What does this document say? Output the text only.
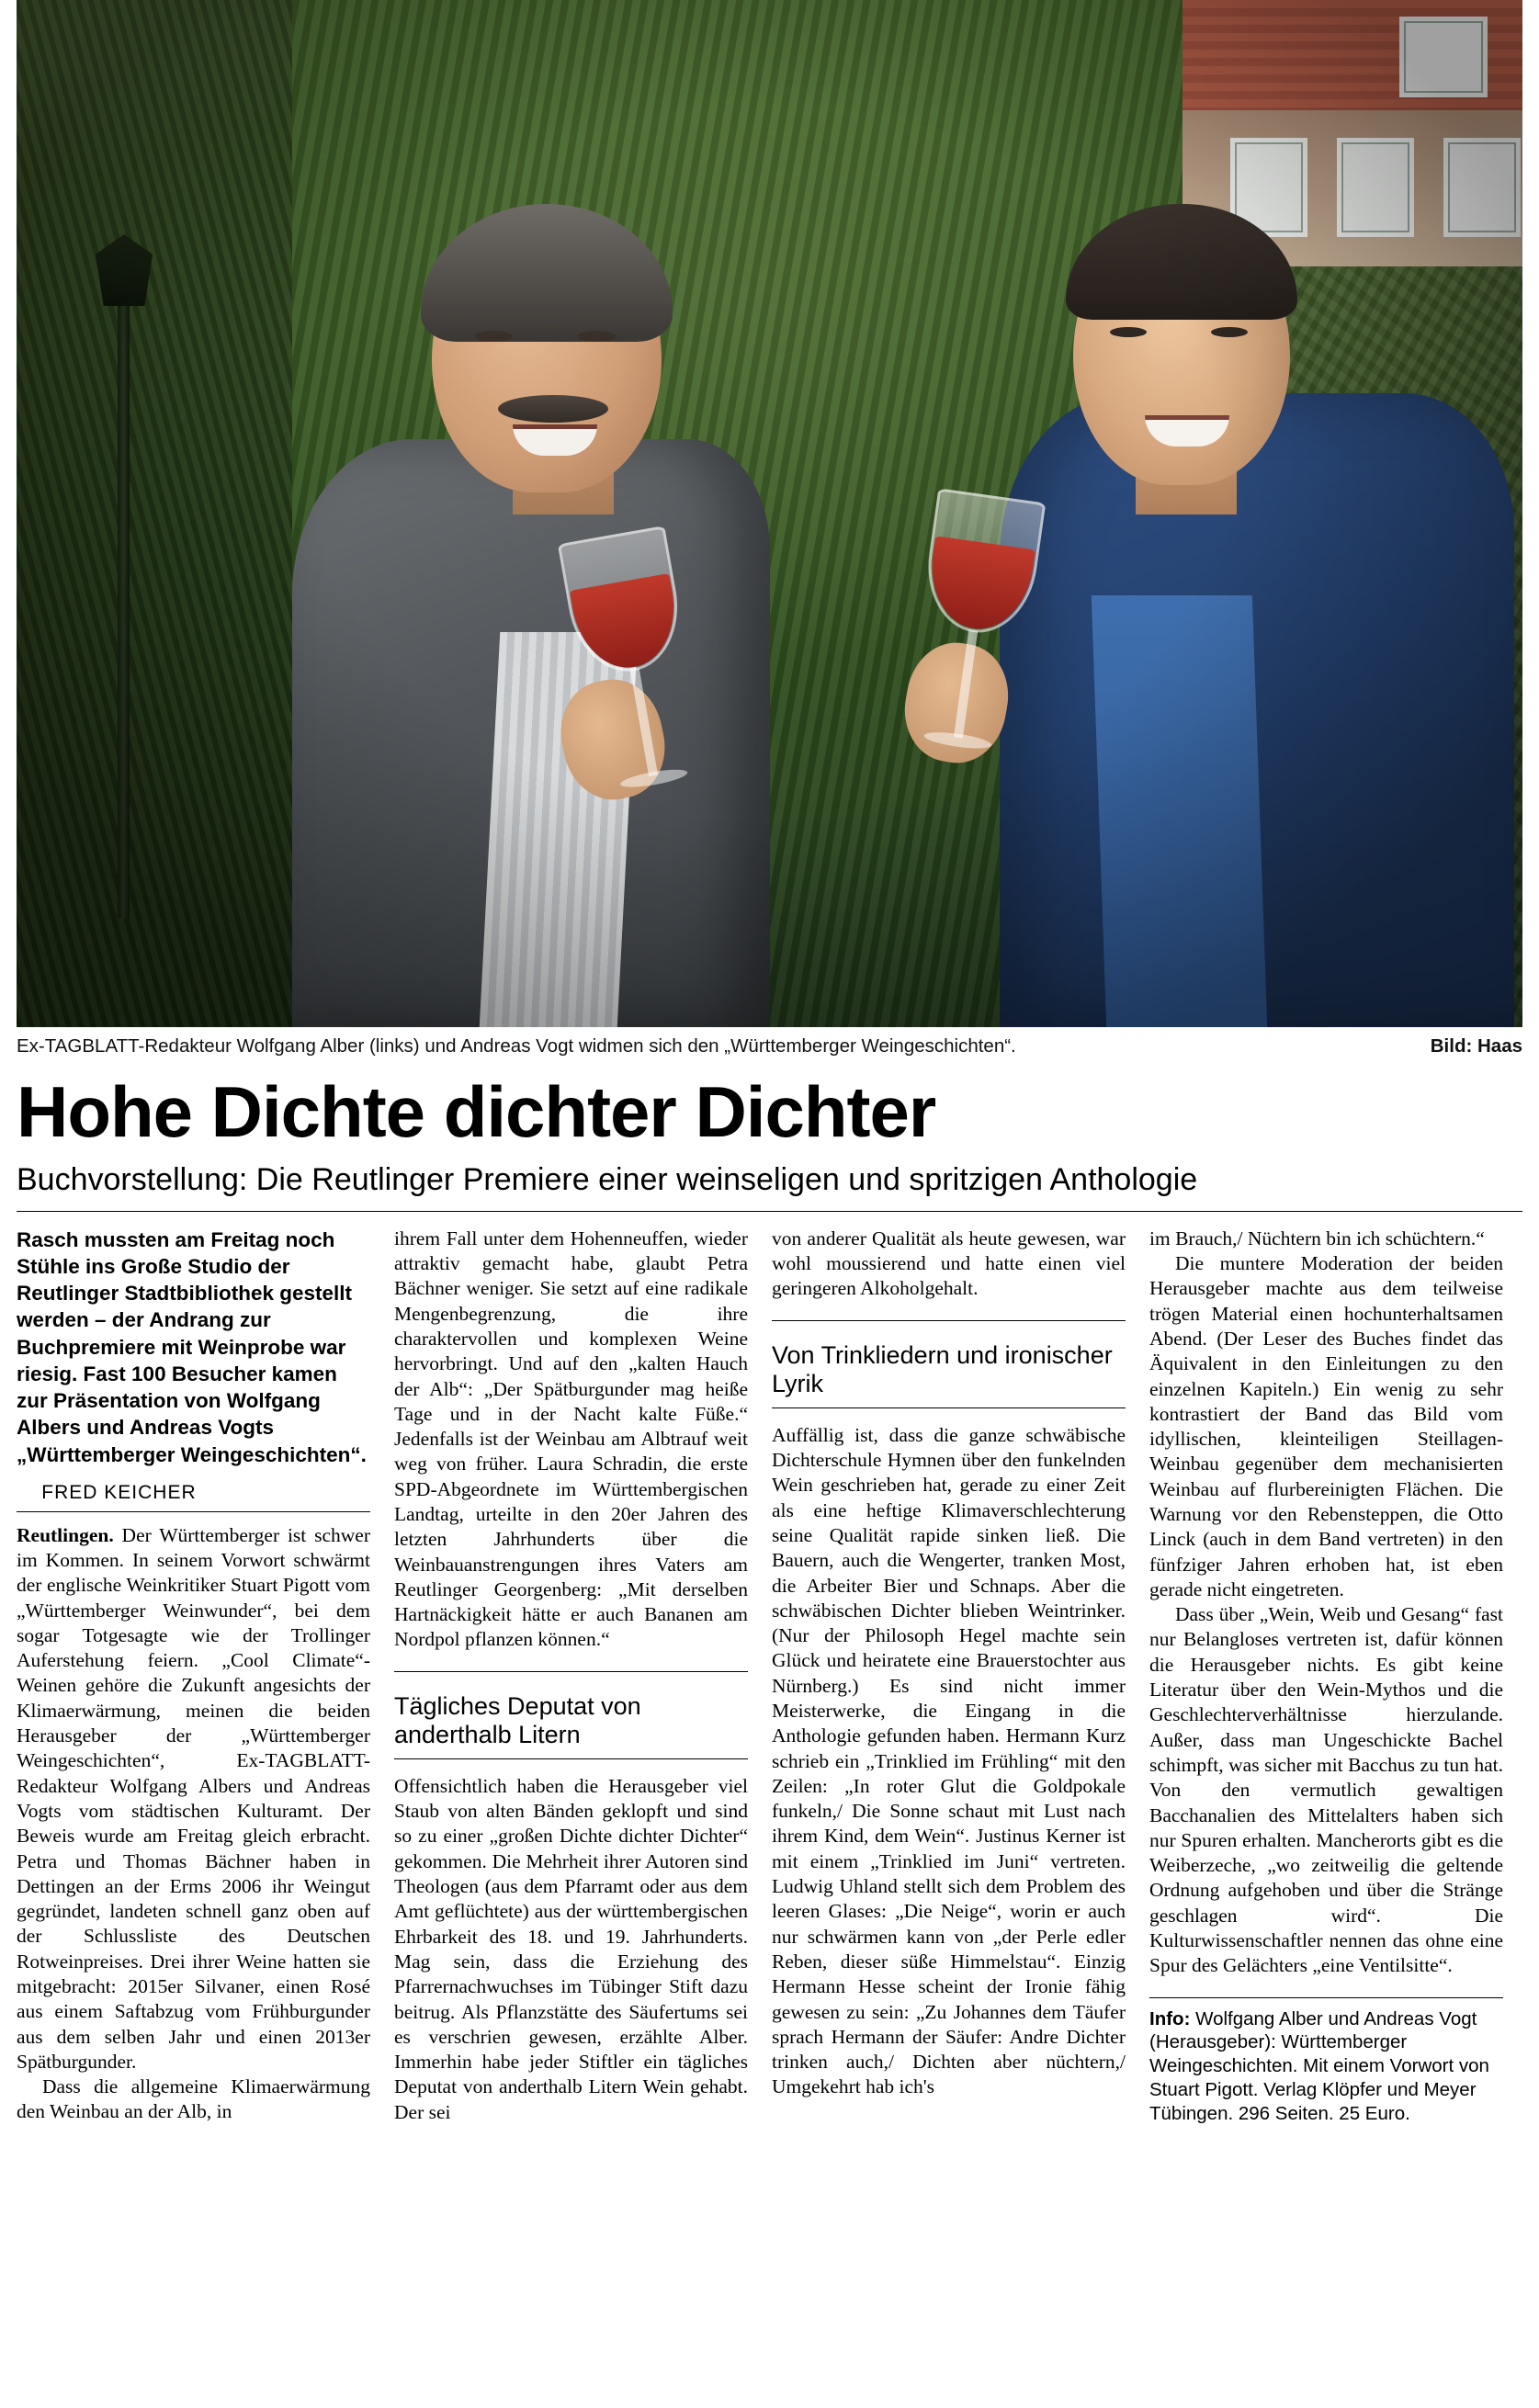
Ex-TAGBLATT-Redakteur Wolfgang Alber (links) und Andreas Vogt widmen sich den „Württemberger Weingeschichten“.	Bild: Haas
Hohe Dichte dichter Dichter
Buchvorstellung: Die Reutlinger Premiere einer weinseligen und spritzigen Anthologie

Rasch mussten am Freitag noch Stühle ins Große Studio der Reutlinger Stadtbibliothek gestellt werden – der Andrang zur Buchpremiere mit Weinprobe war riesig. Fast 100 Besucher kamen zur Präsentation von Wolfgang Albers und Andreas Vogts „Württemberger Weingeschichten“.

FRED KEICHER

Reutlingen. Der Württemberger ist schwer im Kommen. In seinem Vorwort schwärmt der englische Weinkritiker Stuart Pigott vom „Württemberger Weinwunder“, bei dem sogar Totgesagte wie der Trollinger Auferstehung feiern. „Cool Climate“-Weinen gehöre die Zukunft angesichts der Klimaerwärmung, meinen die beiden Herausgeber der „Württemberger Weingeschichten“, Ex-TAGBLATT-Redakteur Wolfgang Albers und Andreas Vogts vom städtischen Kulturamt. Der Beweis wurde am Freitag gleich erbracht. Petra und Thomas Bächner haben in Dettingen an der Erms 2006 ihr Weingut gegründet, landeten schnell ganz oben auf der Schlussliste des Deutschen Rotweinpreises. Drei ihrer Weine hatten sie mitgebracht: 2015er Silvaner, einen Rosé aus einem Saftabzug vom Frühburgunder aus dem selben Jahr und einen 2013er Spätburgunder.

Dass die allgemeine Klimaerwärmung den Weinbau an der Alb, in

ihrem Fall unter dem Hohenneuffen, wieder attraktiv gemacht habe, glaubt Petra Bächner weniger. Sie setzt auf eine radikale Mengenbegrenzung, die ihre charaktervollen und komplexen Weine hervorbringt. Und auf den „kalten Hauch der Alb“: „Der Spätburgunder mag heiße Tage und in der Nacht kalte Füße.“ Jedenfalls ist der Weinbau am Albtrauf weit weg von früher. Laura Schradin, die erste SPD-Abgeordnete im Württembergischen Landtag, urteilte in den 20er Jahren des letzten Jahrhunderts über die Weinbauanstrengungen ihres Vaters am Reutlinger Georgenberg: „Mit derselben Hartnäckigkeit hätte er auch Bananen am Nordpol pflanzen können.“

Tägliches Deputat von anderthalb Litern

Offensichtlich haben die Herausgeber viel Staub von alten Bänden geklopft und sind so zu einer „großen Dichte dichter Dichter“ gekommen. Die Mehrheit ihrer Autoren sind Theologen (aus dem Pfarramt oder aus dem Amt geflüchtete) aus der württembergischen Ehrbarkeit des 18. und 19. Jahrhunderts. Mag sein, dass die Erziehung des Pfarrernachwuchses im Tübinger Stift dazu beitrug. Als Pflanzstätte des Säufertums sei es verschrien gewesen, erzählte Alber. Immerhin habe jeder Stiftler ein tägliches Deputat von anderthalb Litern Wein gehabt. Der sei

von anderer Qualität als heute gewesen, war wohl moussierend und hatte einen viel geringeren Alkoholgehalt.

Von Trinkliedern und ironischer Lyrik

Auffällig ist, dass die ganze schwäbische Dichterschule Hymnen über den funkelnden Wein geschrieben hat, gerade zu einer Zeit als eine heftige Klimaverschlechterung seine Qualität rapide sinken ließ. Die Bauern, auch die Wengerter, tranken Most, die Arbeiter Bier und Schnaps. Aber die schwäbischen Dichter blieben Weintrinker. (Nur der Philosoph Hegel machte sein Glück und heiratete eine Brauerstochter aus Nürnberg.) Es sind nicht immer Meisterwerke, die Eingang in die Anthologie gefunden haben. Hermann Kurz schrieb ein „Trinklied im Frühling“ mit den Zeilen: „In roter Glut die Goldpokale funkeln,/ Die Sonne schaut mit Lust nach ihrem Kind, dem Wein“. Justinus Kerner ist mit einem „Trinklied im Juni“ vertreten. Ludwig Uhland stellt sich dem Problem des leeren Glases: „Die Neige“, worin er auch nur schwärmen kann von „der Perle edler Reben, dieser süße Himmelstau“. Einzig Hermann Hesse scheint der Ironie fähig gewesen zu sein: „Zu Johannes dem Täufer sprach Hermann der Säufer: Andre Dichter trinken auch,/ Dichten aber nüchtern,/ Umgekehrt hab ich's

im Brauch,/ Nüchtern bin ich schüchtern.“

Die muntere Moderation der beiden Herausgeber machte aus dem teilweise trögen Material einen hochunterhaltsamen Abend. (Der Leser des Buches findet das Äquivalent in den Einleitungen zu den einzelnen Kapiteln.) Ein wenig zu sehr kontrastiert der Band das Bild vom idyllischen, kleinteiligen Steillagen-Weinbau gegenüber dem mechanisierten Weinbau auf flurbereinigten Flächen. Die Warnung vor den Rebensteppen, die Otto Linck (auch in dem Band vertreten) in den fünfziger Jahren erhoben hat, ist eben gerade nicht eingetreten.

Dass über „Wein, Weib und Gesang“ fast nur Belangloses vertreten ist, dafür können die Herausgeber nichts. Es gibt keine Literatur über den Wein-Mythos und die Geschlechterverhältnisse hierzulande. Außer, dass man Ungeschickte Bachel schimpft, was sicher mit Bacchus zu tun hat. Von den vermutlich gewaltigen Bacchanalien des Mittelalters haben sich nur Spuren erhalten. Mancherorts gibt es die Weiberzeche, „wo zeitweilig die geltende Ordnung aufgehoben und über die Stränge geschlagen wird“. Die Kulturwissenschaftler nennen das ohne eine Spur des Gelächters „eine Ventilsitte“.

Info: Wolfgang Alber und Andreas Vogt (Herausgeber): Württemberger Weingeschichten. Mit einem Vorwort von Stuart Pigott. Verlag Klöpfer und Meyer Tübingen. 296 Seiten. 25 Euro.
